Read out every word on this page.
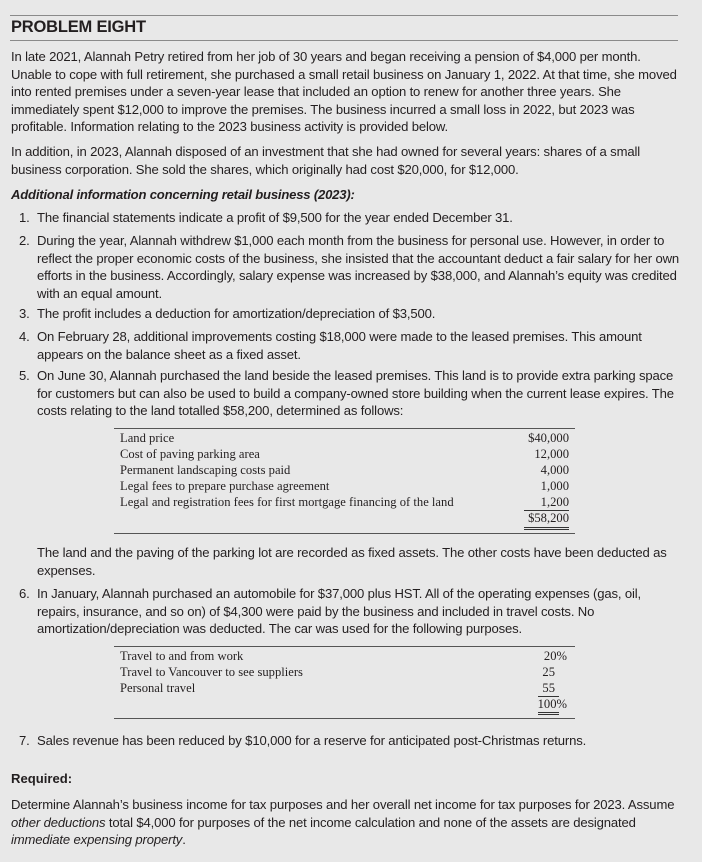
PROBLEM EIGHT
In late 2021, Alannah Petry retired from her job of 30 years and began receiving a pension of $4,000 per month. Unable to cope with full retirement, she purchased a small retail business on January 1, 2022. At that time, she moved into rented premises under a seven-year lease that included an option to renew for another three years. She immediately spent $12,000 to improve the premises. The business incurred a small loss in 2022, but 2023 was profitable. Information relating to the 2023 business activity is provided below.
In addition, in 2023, Alannah disposed of an investment that she had owned for several years: shares of a small business corporation. She sold the shares, which originally had cost $20,000, for $12,000.
Additional information concerning retail business (2023):
1. The financial statements indicate a profit of $9,500 for the year ended December 31.
2. During the year, Alannah withdrew $1,000 each month from the business for personal use. However, in order to reflect the proper economic costs of the business, she insisted that the accountant deduct a fair salary for her own efforts in the business. Accordingly, salary expense was increased by $38,000, and Alannah’s equity was credited with an equal amount.
3. The profit includes a deduction for amortization/depreciation of $3,500.
4. On February 28, additional improvements costing $18,000 were made to the leased premises. This amount appears on the balance sheet as a fixed asset.
5. On June 30, Alannah purchased the land beside the leased premises. This land is to provide extra parking space for customers but can also be used to build a company-owned store building when the current lease expires. The costs relating to the land totalled $58,200, determined as follows:
Land price	$40,000
Cost of paving parking area	12,000
Permanent landscaping costs paid	4,000
Legal fees to prepare purchase agreement	1,000
Legal and registration fees for first mortgage financing of the land	1,200
$58,200
The land and the paving of the parking lot are recorded as fixed assets. The other costs have been deducted as expenses.
6. In January, Alannah purchased an automobile for $37,000 plus HST. All of the operating expenses (gas, oil, repairs, insurance, and so on) of $4,300 were paid by the business and included in travel costs. No amortization/depreciation was deducted. The car was used for the following purposes.
Travel to and from work	20%
Travel to Vancouver to see suppliers	25
Personal travel	55
100%
7. Sales revenue has been reduced by $10,000 for a reserve for anticipated post-Christmas returns.
Required:
Determine Alannah’s business income for tax purposes and her overall net income for tax purposes for 2023. Assume other deductions total $4,000 for purposes of the net income calculation and none of the assets are designated immediate expensing property.
